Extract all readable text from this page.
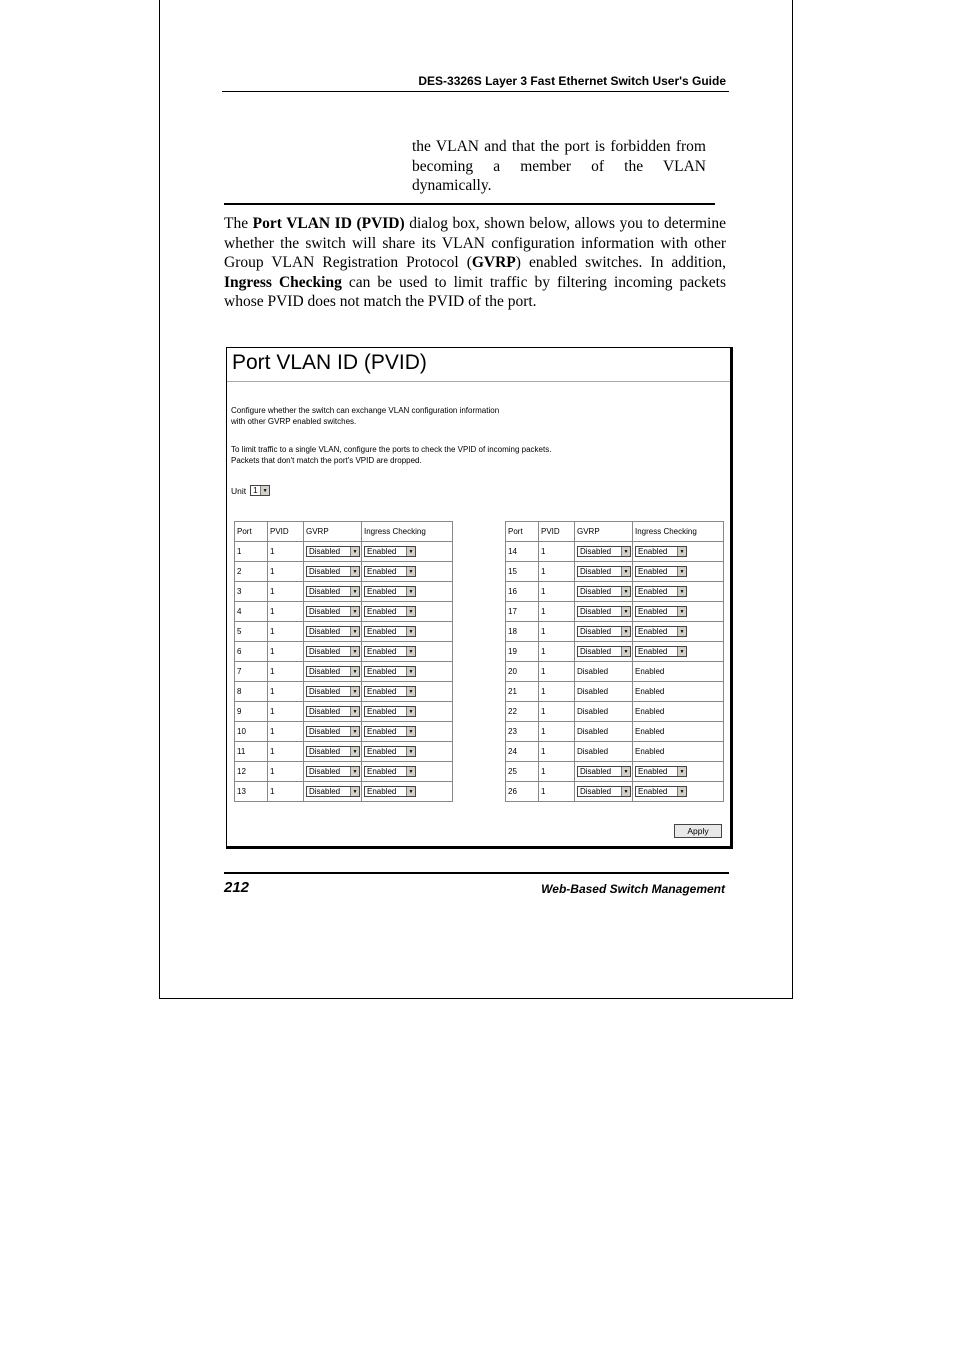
DES-3326S Layer 3 Fast Ethernet Switch User's Guide
the VLAN and that the port is forbidden from becoming a member of the VLAN dynamically.

The Port VLAN ID (PVID) dialog box, shown below, allows you to determine whether the switch will share its VLAN configuration information with other Group VLAN Registration Protocol (GVRP) enabled switches. In addition, Ingress Checking can be used to limit traffic by filtering incoming packets whose PVID does not match the PVID of the port.

Port VLAN ID (PVID)
Configure whether the switch can exchange VLAN configuration information
with other GVRP enabled switches.
To limit traffic to a single VLAN, configure the ports to check the VPID of incoming packets.
Packets that don't match the port's VPID are dropped.
Unit 1	▼
Port	PVID	GVRP	Ingress Checking
1	1	Disabled ▼	Enabled ▼

2	1	Disabled ▼	Enabled ▼

3	1	Disabled ▼	Enabled ▼

4	1	Disabled ▼	Enabled ▼

5	1	Disabled ▼	Enabled ▼

6	1	Disabled ▼	Enabled ▼

7	1	Disabled ▼	Enabled ▼

8	1	Disabled ▼	Enabled ▼

9	1	Disabled ▼	Enabled ▼

10	1	Disabled ▼	Enabled ▼

11	1	Disabled ▼	Enabled ▼

12	1	Disabled ▼	Enabled ▼

13	1	Disabled ▼	Enabled ▼
Port	PVID	GVRP	Ingress Checking
14	1	Disabled ▼	Enabled ▼

15	1	Disabled ▼	Enabled ▼

16	1	Disabled ▼	Enabled ▼

17	1	Disabled ▼	Enabled ▼

18	1	Disabled ▼	Enabled ▼

19	1	Disabled ▼	Enabled ▼

20	1	Disabled	Enabled
21	1	Disabled	Enabled
22	1	Disabled	Enabled
23	1	Disabled	Enabled
24	1	Disabled	Enabled
25	1	Disabled ▼	Enabled ▼

26	1	Disabled ▼	Enabled ▼
Apply
212	Web-Based Switch Management
